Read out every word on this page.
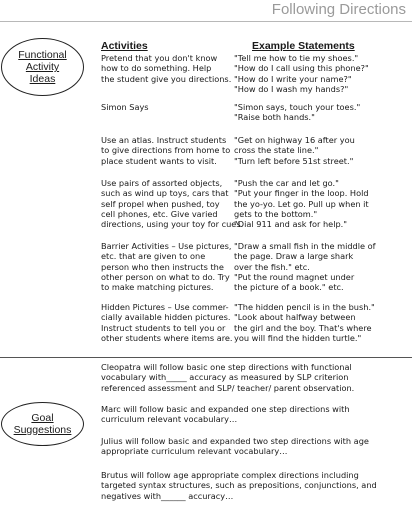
Following Directions
Functional
Activity
Ideas
Activities	Example Statements
Pretend that you don't know
how to do something. Help
the student give you directions.
"Tell me how to tie my shoes."
"How do I call using this phone?"
"How do I write your name?"
"How do I wash my hands?"
Simon Says	"Simon says, touch your toes."
"Raise both hands."
Use an atlas. Instruct students
to give directions from home to
place student wants to visit.
"Get on highway 16 after you
cross the state line."
"Turn left before 51st street."
Use pairs of assorted objects,
such as wind up toys, cars that
self propel when pushed, toy
cell phones, etc. Give varied
directions, using your toy for cues.
"Push the car and let go."
"Put your finger in the loop. Hold
the yo-yo. Let go. Pull up when it
gets to the bottom."
"Dial 911 and ask for help."
Barrier Activities – Use pictures,
etc. that are given to one
person who then instructs the
other person on what to do. Try
to make matching pictures.
"Draw a small fish in the middle of
the page. Draw a large shark
over the fish." etc.
"Put the round magnet under
the picture of a book." etc.
Hidden Pictures – Use commer-
cially available hidden pictures.
Instruct students to tell you or
other students where items are.
"The hidden pencil is in the bush."
"Look about halfway between
the girl and the boy. That's where
you will find the hidden turtle."
Goal
Suggestions
Cleopatra will follow basic one step directions with functional
vocabulary with_____ accuracy as measured by SLP criterion
referenced assessment and SLP/ teacher/ parent observation.
Marc will follow basic and expanded one step directions with
curriculum relevant vocabulary…
Julius will follow basic and expanded two step directions with age
appropriate curriculum relevant vocabulary…
Brutus will follow age appropriate complex directions including
targeted syntax structures, such as prepositions, conjunctions, and
negatives with______ accuracy…
